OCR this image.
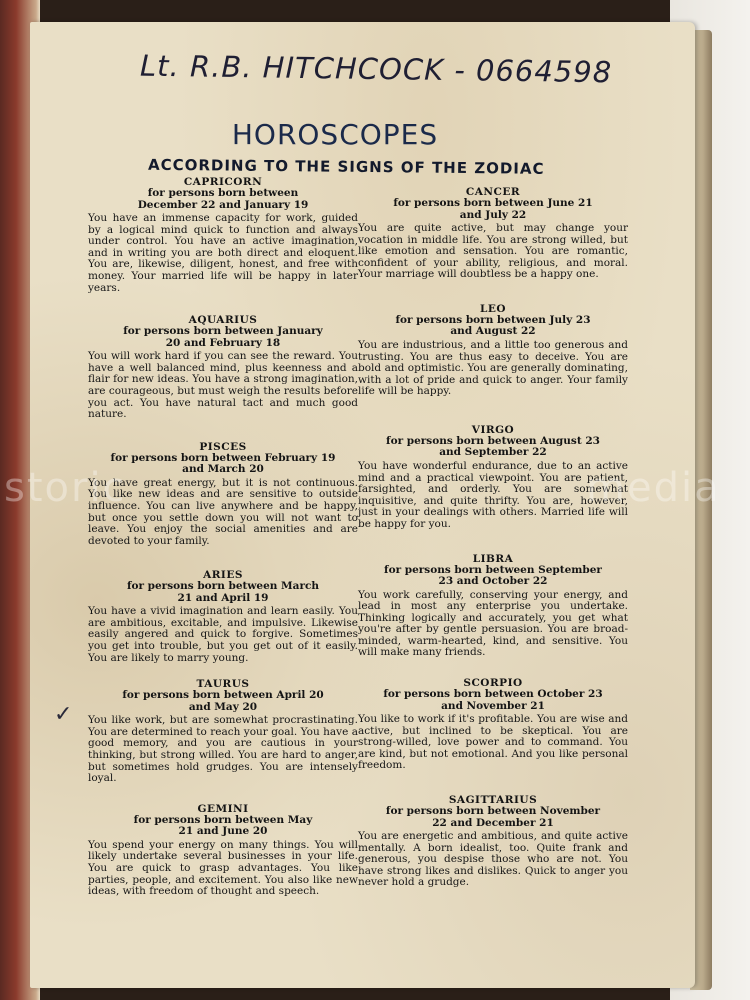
Lt. R.B. HITCHCOCK - 0664598
HOROSCOPES
ACCORDING TO THE SIGNS OF THE ZODIAC
✓
CAPRICORN
for persons born between December 22 and January 19
You have an immense capacity for work, guided by a logical mind quick to function and always under control. You have an active imagination, and in writing you are both direct and eloquent. You are, likewise, diligent, honest, and free with money. Your married life will be happy in later years.
AQUARIUS
for persons born between January 20 and February 18
You will work hard if you can see the reward. You have a well balanced mind, plus keenness and a flair for new ideas. You have a strong imagination, are courageous, but must weigh the results before you act. You have natural tact and much good nature.
PISCES
for persons born between February 19 and March 20
You have great energy, but it is not continuous. You like new ideas and are sensitive to outside influence. You can live anywhere and be happy, but once you settle down you will not want to leave. You enjoy the social amenities and are devoted to your family.
ARIES
for persons born between March 21 and April 19
You have a vivid imagination and learn easily. You are ambitious, excitable, and impulsive. Likewise easily angered and quick to forgive. Sometimes you get into trouble, but you get out of it easily. You are likely to marry young.
TAURUS
for persons born between April 20 and May 20
You like work, but are somewhat procrastinating. You are determined to reach your goal. You have a good memory, and you are cautious in your thinking, but strong willed. You are hard to anger, but sometimes hold grudges. You are intensely loyal.
GEMINI
for persons born between May 21 and June 20
You spend your energy on many things. You will likely undertake several businesses in your life. You are quick to grasp advantages. You like parties, people, and excitement. You also like new ideas, with freedom of thought and speech.
CANCER
for persons born between June 21 and July 22
You are quite active, but may change your vocation in middle life. You are strong willed, but like emotion and sensation. You are romantic, confident of your ability, religious, and moral. Your marriage will doubtless be a happy one.
LEO
for persons born between July 23 and August 22
You are industrious, and a little too generous and trusting. You are thus easy to deceive. You are bold and optimistic. You are generally dominating, with a lot of pride and quick to anger. Your family life will be happy.
VIRGO
for persons born between August 23 and September 22
You have wonderful endurance, due to an active mind and a practical viewpoint. You are patient, farsighted, and orderly. You are somewhat inquisitive, and quite thrifty. You are, however, just in your dealings with others. Married life will be happy for you.
LIBRA
for persons born between September 23 and October 22
You work carefully, conserving your energy, and lead in most any enterprise you undertake. Thinking logically and accurately, you get what you're after by gentle persuasion. You are broad-minded, warm-hearted, kind, and sensitive. You will make many friends.
SCORPIO
for persons born between October 23 and November 21
You like to work if it's profitable. You are wise and active, but inclined to be skeptical. You are strong-willed, love power and to command. You are kind, but not emotional. And you like personal freedom.
SAGITTARIUS
for persons born between November 22 and December 21
You are energetic and ambitious, and quite active mentally. A born idealist, too. Quite frank and generous, you despise those who are not. You have strong likes and dislikes. Quick to anger you never hold a grudge.
storic	media
